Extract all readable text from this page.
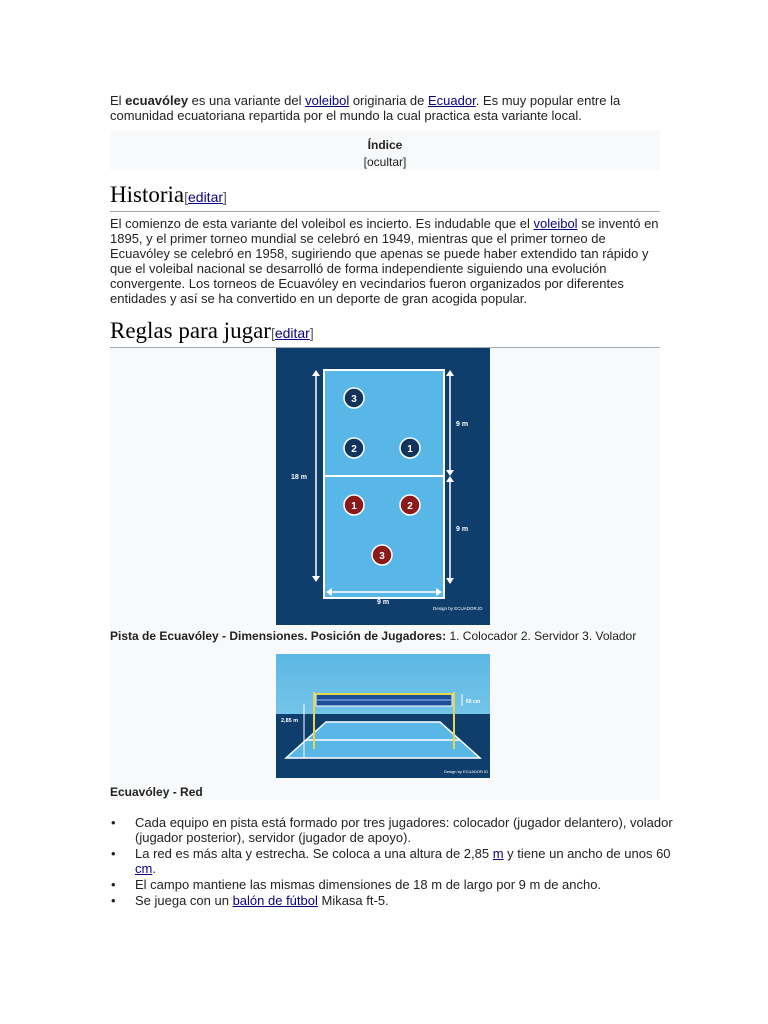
El ecuavóley es una variante del voleibol originaria de Ecuador. Es muy popular entre la comunidad ecuatoriana repartida por el mundo la cual practica esta variante local.

Índice
[ocultar]
Historia[editar]

El comienzo de esta variante del voleibol es incierto. Es indudable que el voleibol se inventó en 1895, y el primer torneo mundial se celebró en 1949, mientras que el primer torneo de Ecuavóley se celebró en 1958, sugiriendo que apenas se puede haber extendido tan rápido y que el voleibal nacional se desarrolló de forma independiente siguiendo una evolución convergente. Los torneos de Ecuavóley en vecindarios fueron organizados por diferentes entidades y así se ha convertido en un deporte de gran acogida popular.

Reglas para jugar[editar]
18 m
9 m
9 m
9 m
Design by ECUADOR.ID
3
2	1
1	2
3
Pista de Ecuavóley - Dimensiones. Posición de Jugadores: 1. Colocador 2. Servidor 3. Volador
2,85 m
60 cm
Design by ECUADOR.ID
Ecuavóley - Red
• Cada equipo en pista está formado por tres jugadores: colocador (jugador delantero), volador (jugador posterior), servidor (jugador de apoyo).
• La red es más alta y estrecha. Se coloca a una altura de 2,85 m y tiene un ancho de unos 60 cm.
• El campo mantiene las mismas dimensiones de 18 m de largo por 9 m de ancho.
• Se juega con un balón de fútbol Mikasa ft-5.
